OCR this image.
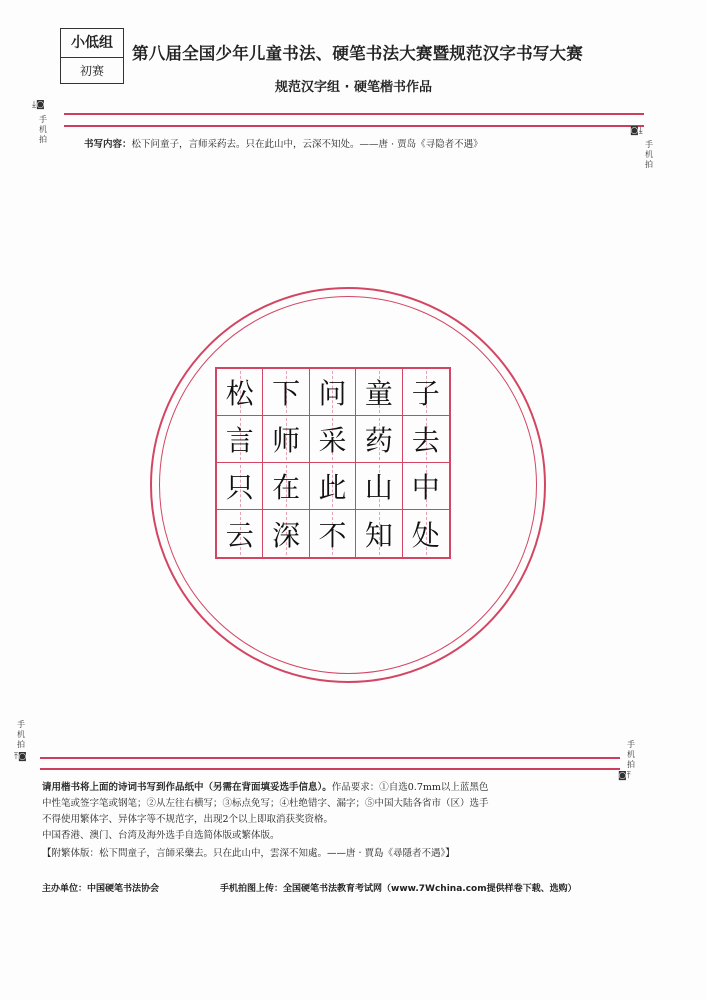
小低组
初赛
第八届全国少年儿童书法、硬笔书法大赛暨规范汉字书写大赛
规范汉字组 · 硬笔楷书作品
⤓◙
手机拍
◙⤓
手机拍
书写内容：松下问童子，言师采药去。只在此山中，云深不知处。——唐 · 贾岛《寻隐者不遇》
松 下 问 童 子
言 师 采 药 去
只 在 此 山 中
云 深 不 知 处
手机拍
⤒◙
手机拍
◙⤒
请用楷书将上面的诗词书写到作品纸中（另需在背面填妥选手信息）。作品要求：①自选0.7mm以上蓝黑色
中性笔或签字笔或钢笔；②从左往右横写；③标点免写；④杜绝错字、漏字；⑤中国大陆各省市（区）选手
不得使用繁体字、异体字等不规范字，出现2个以上即取消获奖资格。
中国香港、澳门、台湾及海外选手自选简体版或繁体版。
【附繁体版：松下問童子，言師采藥去。只在此山中，雲深不知處。——唐 · 賈島《尋隱者不遇》】
主办单位：中国硬笔书法协会	手机拍图上传：全国硬笔书法教育考试网（www.7Wchina.com提供样卷下载、选购）
